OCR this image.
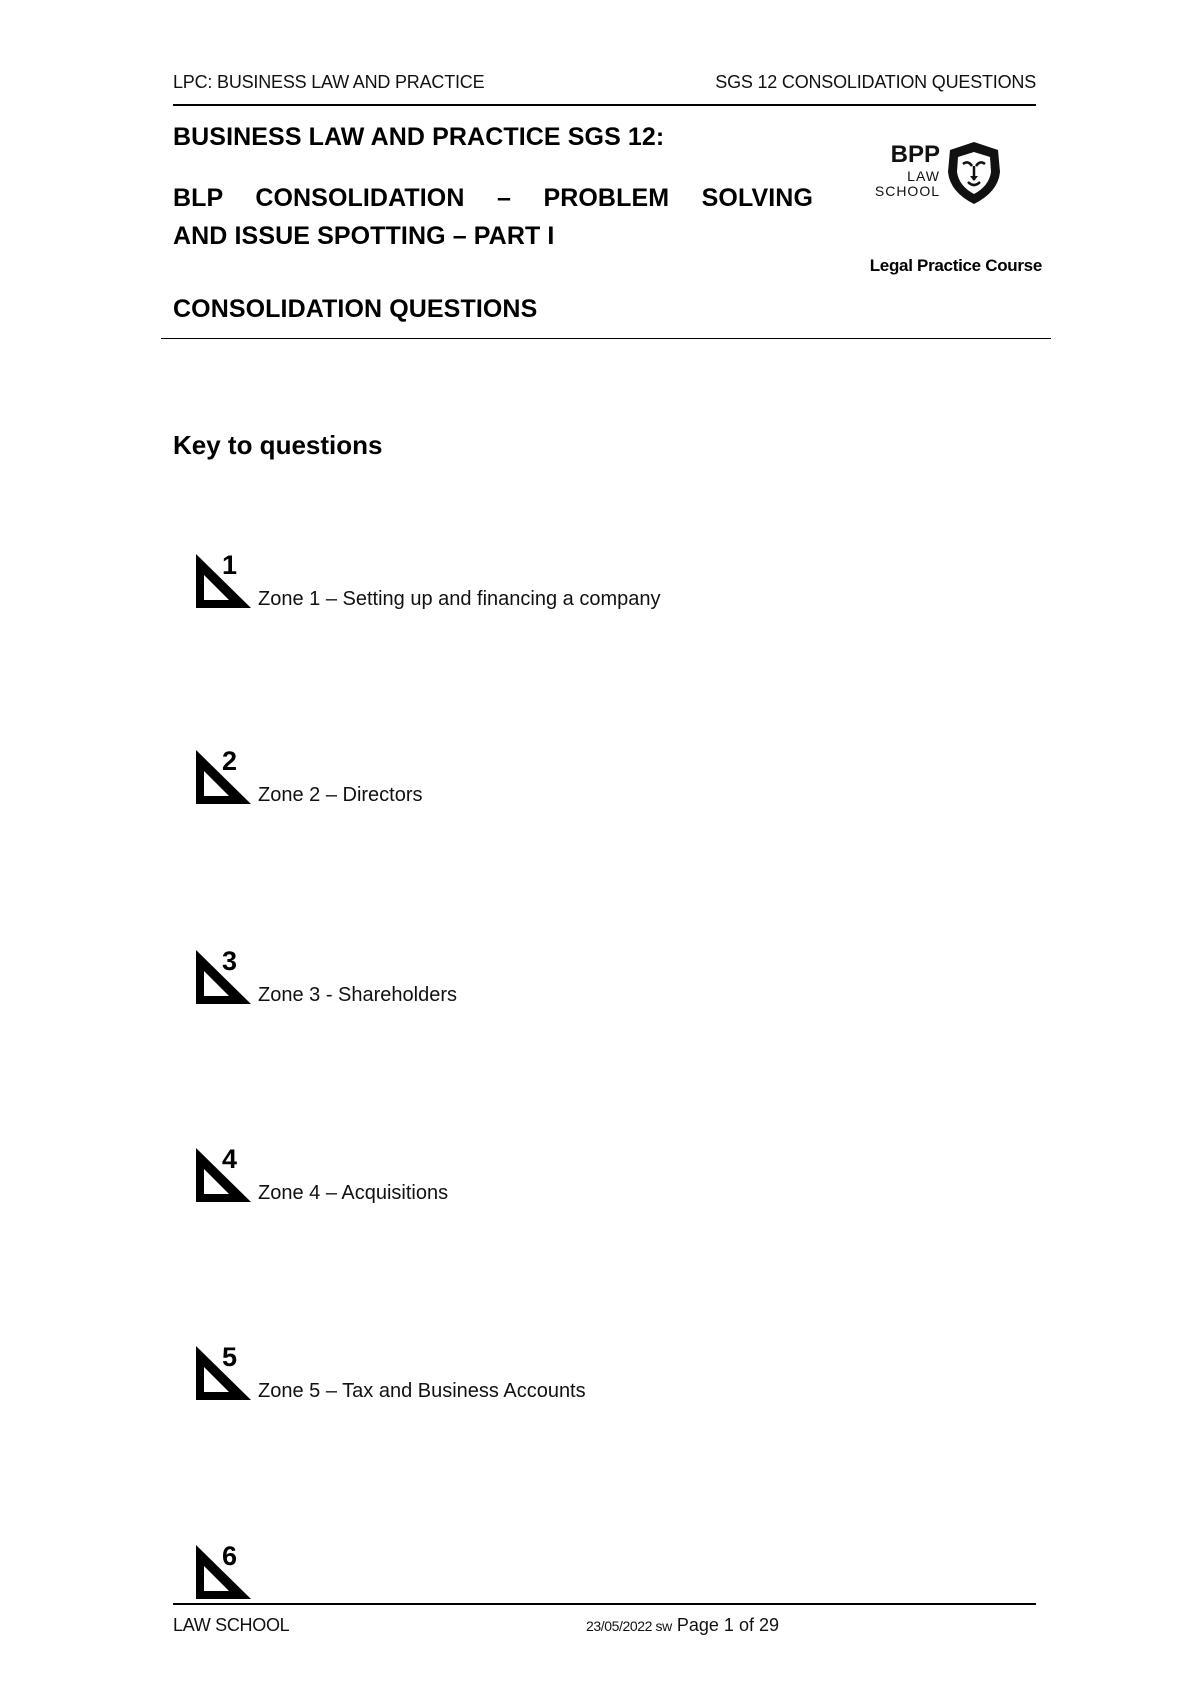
LPC: BUSINESS LAW AND PRACTICE	SGS 12 CONSOLIDATION QUESTIONS
BUSINESS LAW AND PRACTICE SGS 12:
BLP CONSOLIDATION – PROBLEM SOLVING
AND ISSUE SPOTTING – PART I
CONSOLIDATION QUESTIONS
BPP
LAW
SCHOOL
Legal Practice Course
Key to questions
1
Zone 1 – Setting up and financing a company
2
Zone 2 – Directors
3
Zone 3 - Shareholders
4
Zone 4 – Acquisitions
5
Zone 5 – Tax and Business Accounts
6
LAW SCHOOL	23/05/2022 sw Page 1 of 29
